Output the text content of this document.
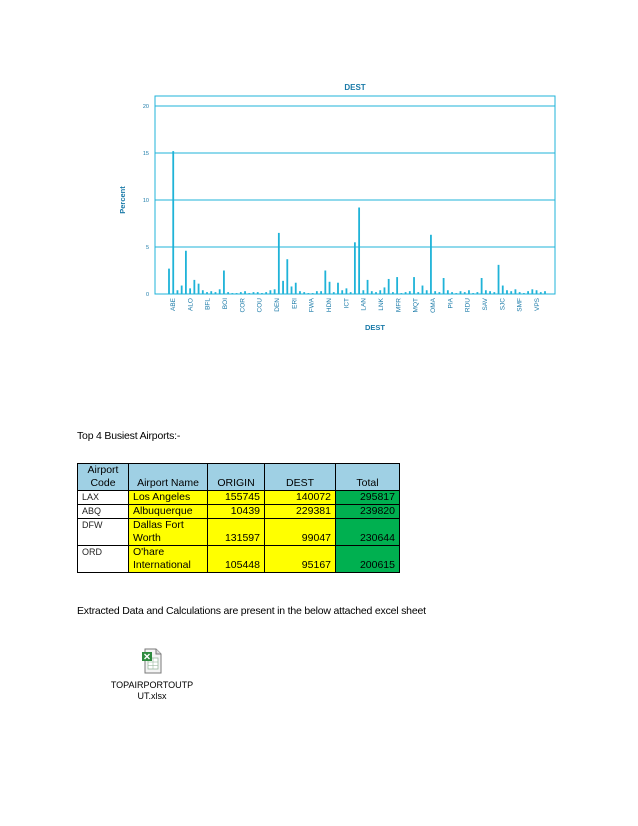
DEST
0
5
10
15
20
Percent
ABE ALO BFL BOI COR COU DEN ERI FWA HDN ICT LAN LNK MFR MQT OMA PIA RDU SAV SJC SMF VPS
DEST
Top 4 Busiest Airports:-
Airport Code	Airport Name	ORIGIN	DEST	Total
LAX	Los Angeles	155745	140072	295817
ABQ	Albuquerque	10439	229381	239820
DFW	Dallas Fort Worth	131597	99047	230644
ORD	O'hare International	105448	95167	200615
Extracted Data and Calculations are present in the below attached excel sheet
TOPAIRPORTOUTPUT.xlsx
